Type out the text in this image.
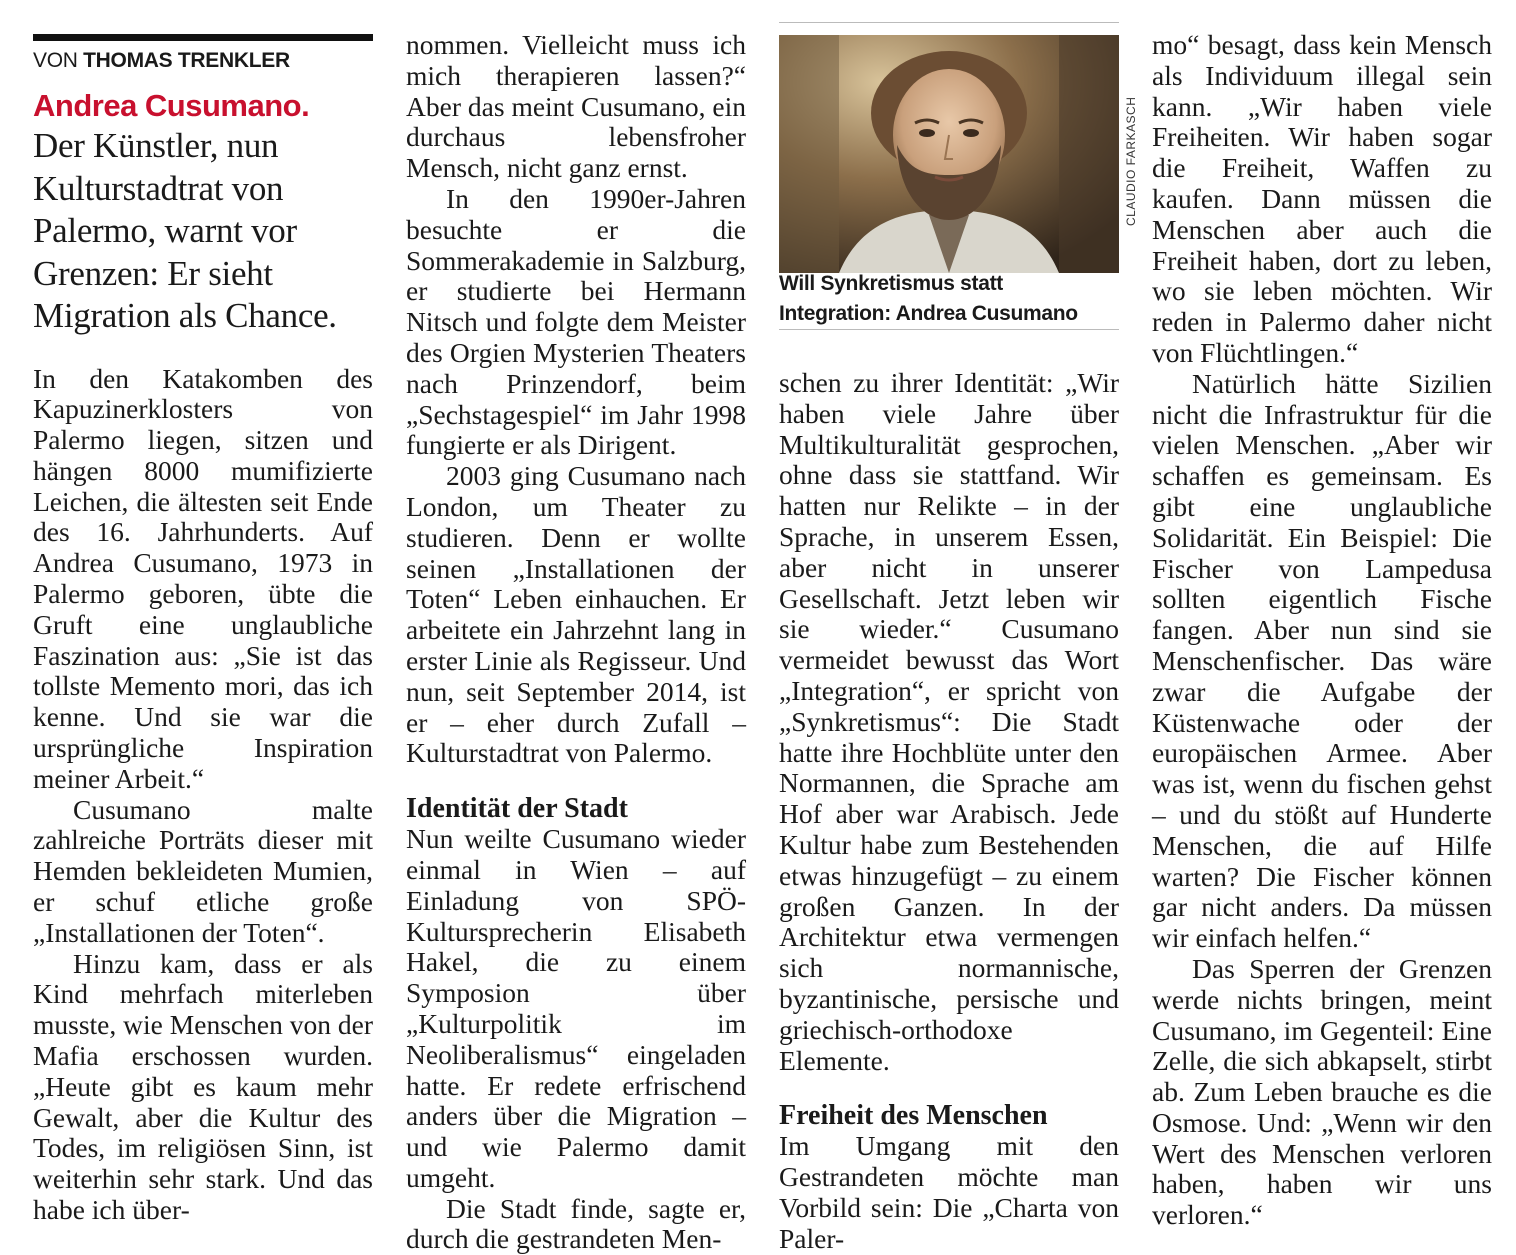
VON THOMAS TRENKLER
Andrea Cusumano.

Der Künstler, nun Kulturstadtrat von Palermo, warnt vor Grenzen: Er sieht Migration als Chance.

In den Katakomben des Kapuzinerklosters von Palermo liegen, sitzen und hängen 8000 mumifizierte Leichen, die ältesten seit Ende des 16. Jahrhunderts. Auf Andrea Cusumano, 1973 in Palermo geboren, übte die Gruft eine unglaubliche Faszination aus: „Sie ist das tollste Memento mori, das ich kenne. Und sie war die ursprüngliche Inspiration meiner Arbeit.“

Cusumano malte zahlreiche Porträts dieser mit Hemden bekleideten Mumien, er schuf etliche große „Installationen der Toten“.

Hinzu kam, dass er als Kind mehrfach miterleben musste, wie Menschen von der Mafia erschossen wurden. „Heute gibt es kaum mehr Gewalt, aber die Kultur des Todes, im religiösen Sinn, ist weiterhin sehr stark. Und das habe ich über-

nommen. Vielleicht muss ich mich therapieren lassen?“ Aber das meint Cusumano, ein durchaus lebensfroher Mensch, nicht ganz ernst.

In den 1990er-Jahren besuchte er die Sommerakademie in Salzburg, er studierte bei Hermann Nitsch und folgte dem Meister des Orgien Mysterien Theaters nach Prinzendorf, beim „Sechstagespiel“ im Jahr 1998 fungierte er als Dirigent.

2003 ging Cusumano nach London, um Theater zu studieren. Denn er wollte seinen „Installationen der Toten“ Leben einhauchen. Er arbeitete ein Jahrzehnt lang in erster Linie als Regisseur. Und nun, seit September 2014, ist er – eher durch Zufall – Kulturstadtrat von Palermo.

Identität der Stadt

Nun weilte Cusumano wieder einmal in Wien – auf Einladung von SPÖ-Kultursprecherin Elisabeth Hakel, die zu einem Symposion über „Kulturpolitik im Neoliberalismus“ eingeladen hatte. Er redete erfrischend anders über die Migration – und wie Palermo damit umgeht.

Die Stadt finde, sagte er, durch die gestrandeten Men-

Will Synkretismus statt Integration: Andrea Cusumano
CLAUDIO FARKASCH

schen zu ihrer Identität: „Wir haben viele Jahre über Multikulturalität gesprochen, ohne dass sie stattfand. Wir hatten nur Relikte – in der Sprache, in unserem Essen, aber nicht in unserer Gesellschaft. Jetzt leben wir sie wieder.“ Cusumano vermeidet bewusst das Wort „Integration“, er spricht von „Synkretismus“: Die Stadt hatte ihre Hochblüte unter den Normannen, die Sprache am Hof aber war Arabisch. Jede Kultur habe zum Bestehenden etwas hinzugefügt – zu einem großen Ganzen. In der Architektur etwa vermengen sich normannische, byzantinische, persische und griechisch-orthodoxe Elemente.

Freiheit des Menschen

Im Umgang mit den Gestrandeten möchte man Vorbild sein: Die „Charta von Paler-

mo“ besagt, dass kein Mensch als Individuum illegal sein kann. „Wir haben viele Freiheiten. Wir haben sogar die Freiheit, Waffen zu kaufen. Dann müssen die Menschen aber auch die Freiheit haben, dort zu leben, wo sie leben möchten. Wir reden in Palermo daher nicht von Flüchtlingen.“

Natürlich hätte Sizilien nicht die Infrastruktur für die vielen Menschen. „Aber wir schaffen es gemeinsam. Es gibt eine unglaubliche Solidarität. Ein Beispiel: Die Fischer von Lampedusa sollten eigentlich Fische fangen. Aber nun sind sie Menschenfischer. Das wäre zwar die Aufgabe der Küstenwache oder der europäischen Armee. Aber was ist, wenn du fischen gehst – und du stößt auf Hunderte Menschen, die auf Hilfe warten? Die Fischer können gar nicht anders. Da müssen wir einfach helfen.“

Das Sperren der Grenzen werde nichts bringen, meint Cusumano, im Gegenteil: Eine Zelle, die sich abkapselt, stirbt ab. Zum Leben brauche es die Osmose. Und: „Wenn wir den Wert des Menschen verloren haben, haben wir uns verloren.“
